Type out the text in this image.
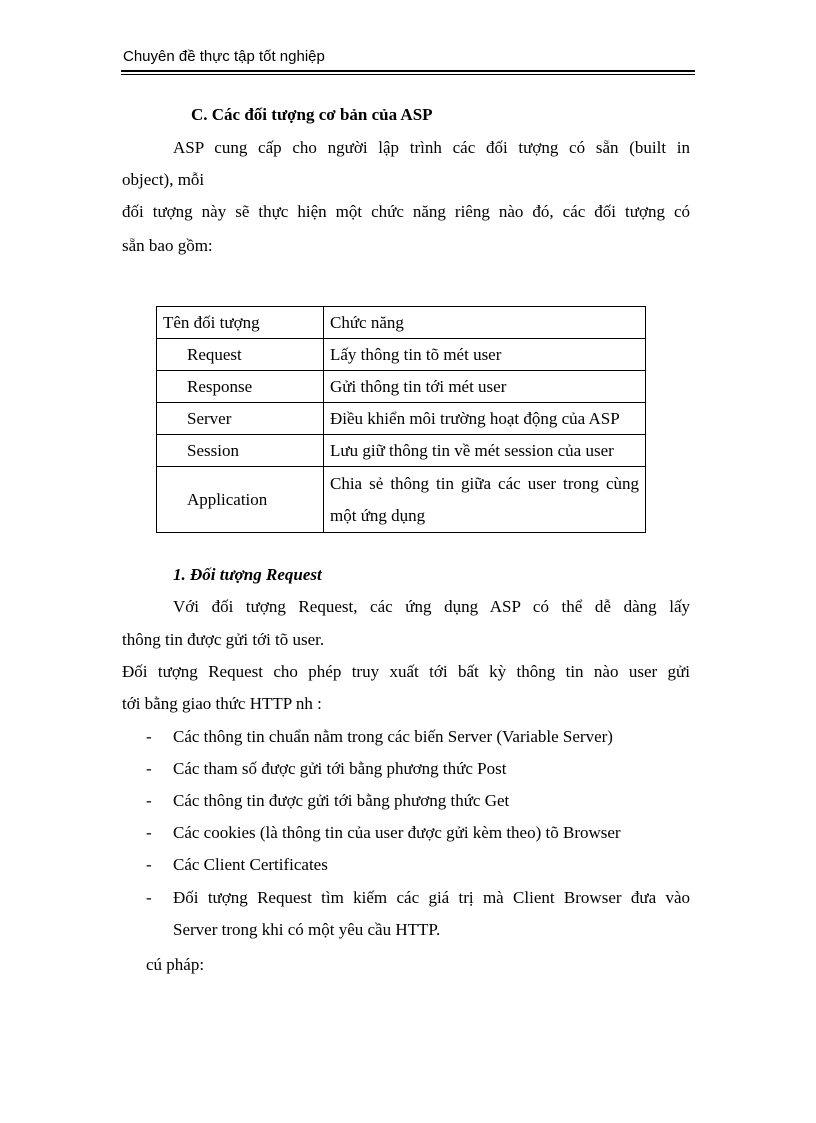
Chuyên đề thực tập tốt nghiệp
C. Các đối tượng cơ bản của ASP
ASP cung cấp cho người lập trình các đối tượng có sẵn (built in
object), mỗi
đối tượng này sẽ thực hiện một chức năng riêng nào đó, các đối tượng có
sẵn bao gồm:
Tên đối tượng	Chức năng
Request	Lấy thông tin tõ mét user
Response	Gửi thông tin tới mét user
Server	Điều khiển môi trường hoạt động của ASP
Session	Lưu giữ thông tin về mét session của user
Application	Chia sẻ thông tin giữa các user trong cùng một ứng dụng
1. Đối tượng Request
Với đối tượng Request, các ứng dụng ASP có thể dễ dàng lấy
thông tin được gửi tới tõ user.
Đối tượng Request cho phép truy xuất tới bất kỳ thông tin nào user gửi
tới bằng giao thức HTTP nh :
- Các thông tin chuẩn nằm trong các biến Server (Variable Server)
- Các tham số được gửi tới bằng phương thức Post
- Các thông tin được gửi tới bằng phương thức Get
- Các cookies (là thông tin của user được gửi kèm theo) tõ Browser
- Các Client Certificates
- Đối tượng Request tìm kiếm các giá trị mà Client Browser đưa vào
Server trong khi có một yêu cầu HTTP.
cú pháp:
